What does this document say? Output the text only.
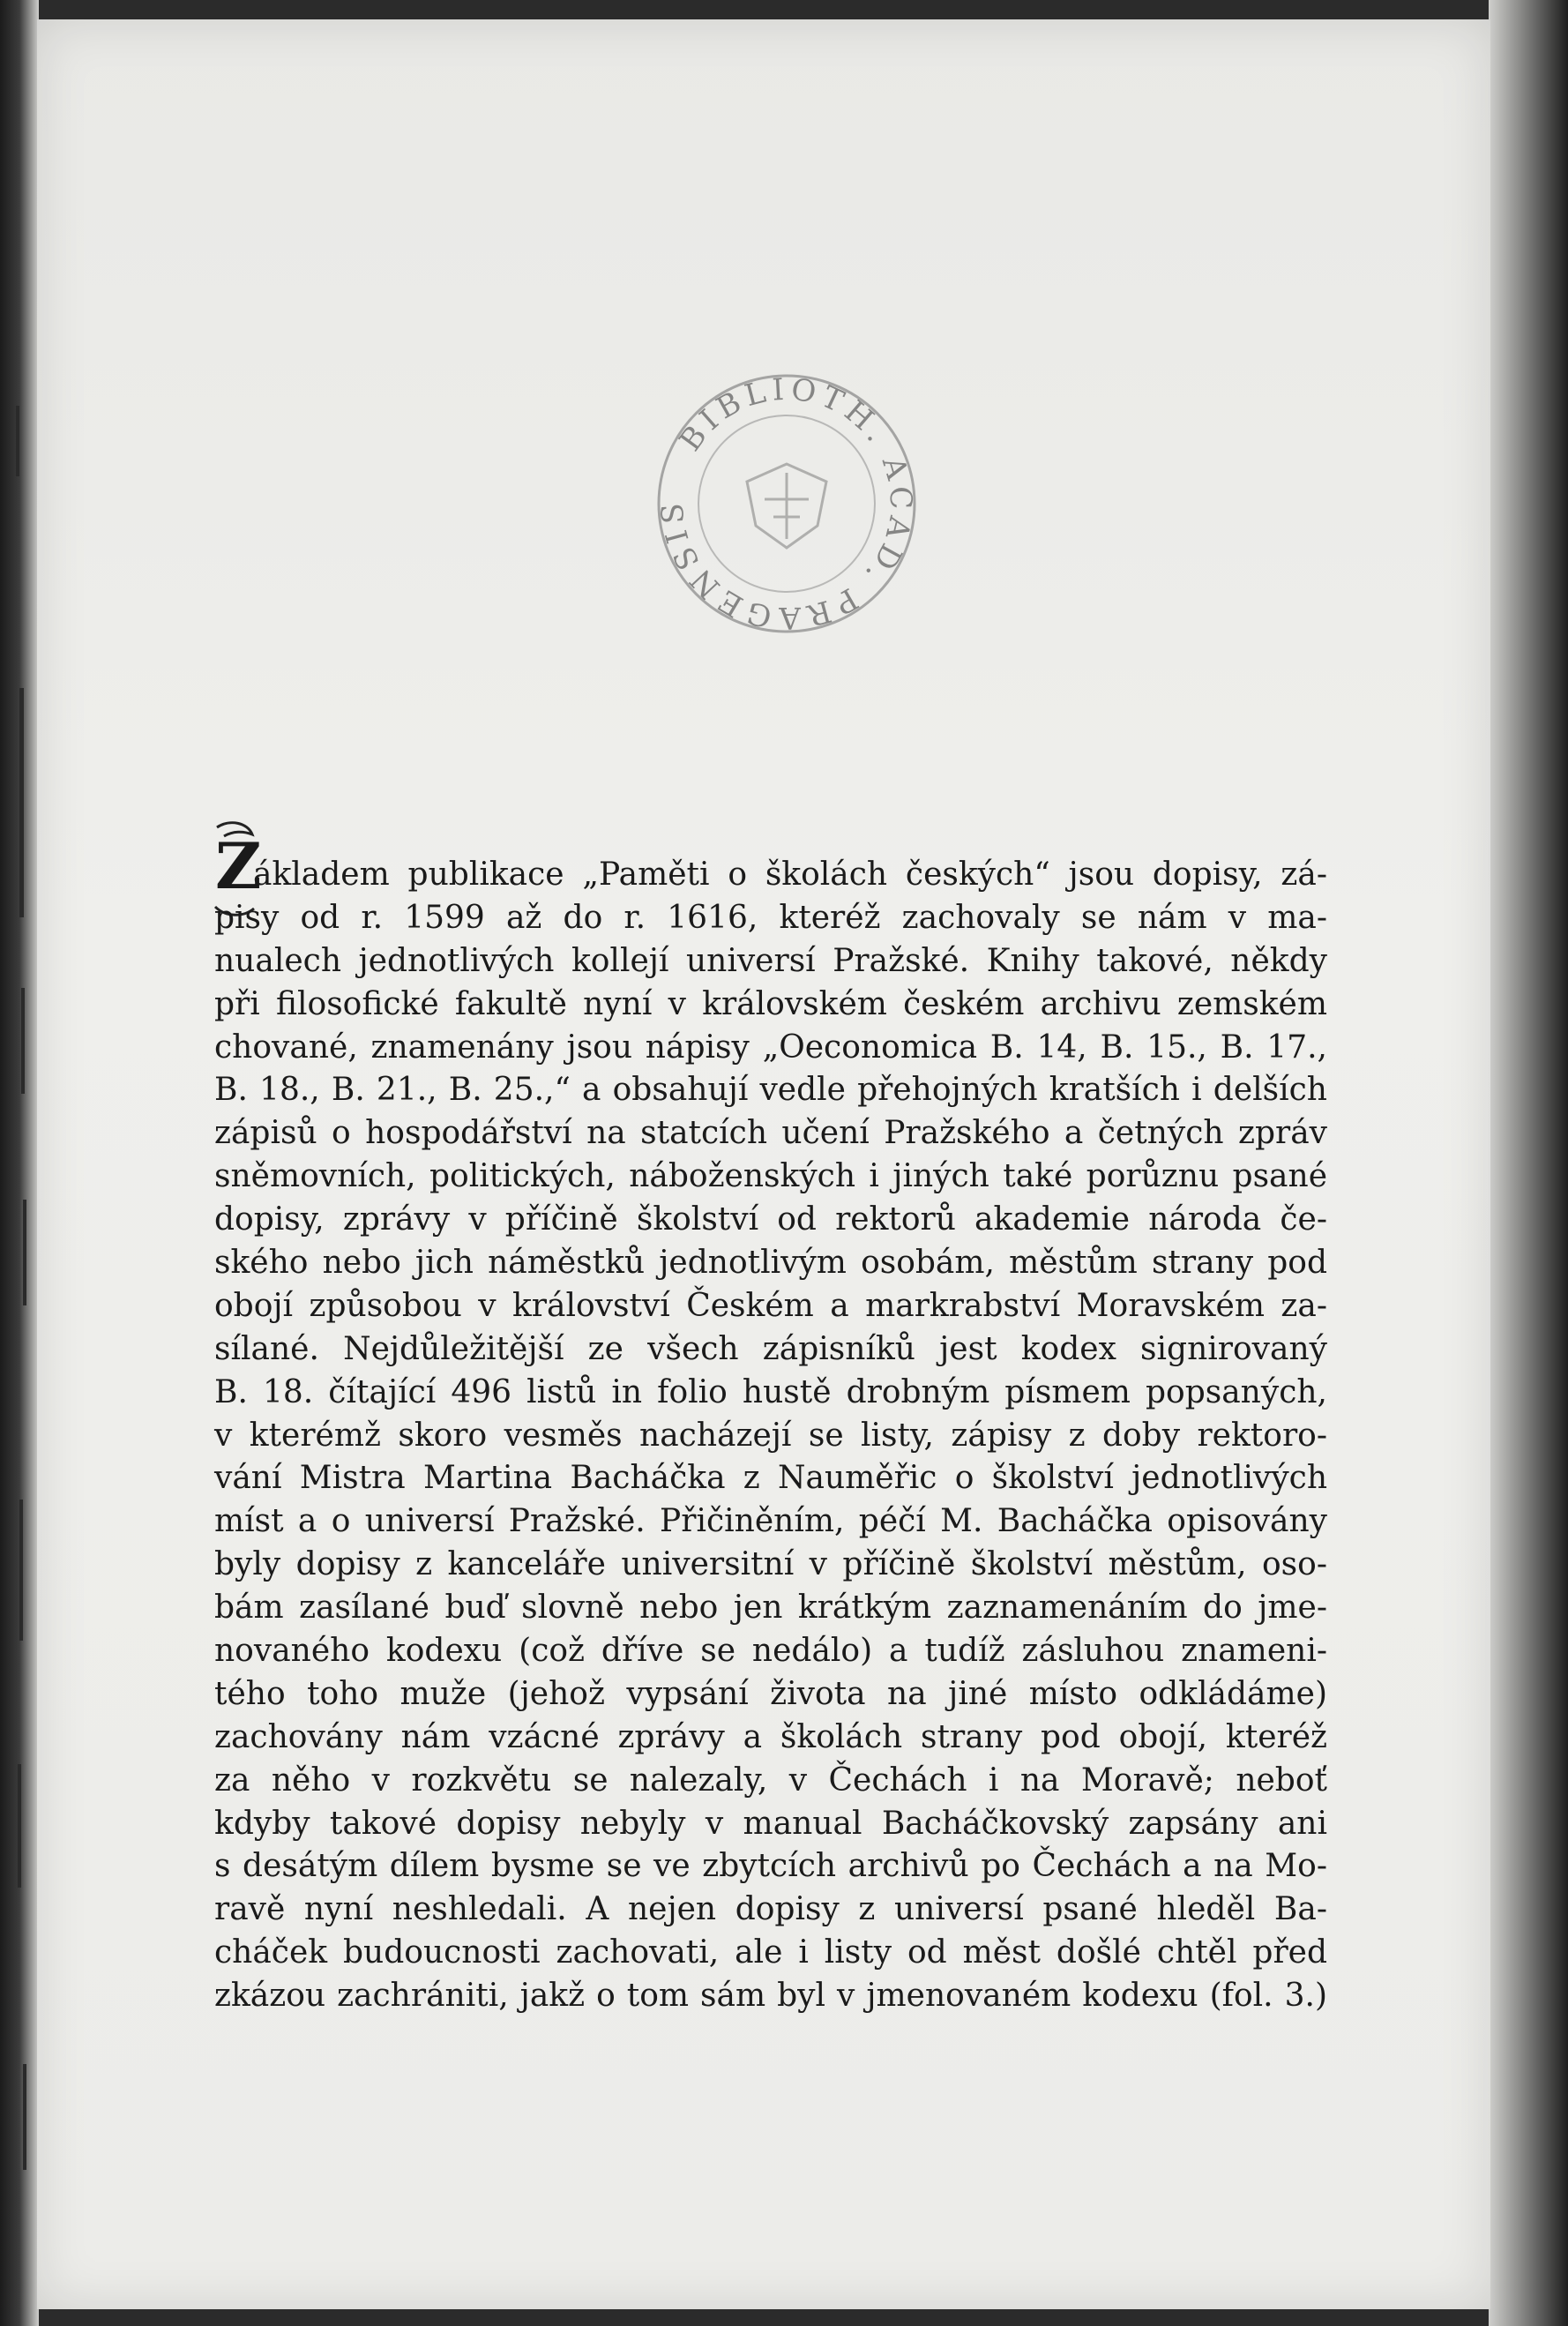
BIBLIOTH. ACAD. PRAGENSIS
Z
ákladem publikace „Paměti o školách českých“ jsou dopisy, zá-
pisy od r. 1599 až do r. 1616, kteréž zachovaly se nám v ma-
nualech jednotlivých kollejí universí Pražské. Knihy takové, někdy
při filosofické fakultě nyní v královském českém archivu zemském
chované, znamenány jsou nápisy „Oeconomica B. 14, B. 15., B. 17.,
B. 18., B. 21., B. 25.,“ a obsahují vedle přehojných kratších i delších
zápisů o hospodářství na statcích učení Pražského a četných zpráv
sněmovních, politických, náboženských i jiných také porůznu psané
dopisy, zprávy v příčině školství od rektorů akademie národa če-
ského nebo jich náměstků jednotlivým osobám, městům strany pod
obojí způsobou v království Českém a markrabství Moravském za-
sílané. Nejdůležitější ze všech zápisníků jest kodex signirovaný
B. 18. čítající 496 listů in folio hustě drobným písmem popsaných,
v kterémž skoro vesměs nacházejí se listy, zápisy z doby rektoro-
vání Mistra Martina Bacháčka z Nauměřic o školství jednotlivých
míst a o universí Pražské. Přičiněním, péčí M. Bacháčka opisovány
byly dopisy z kanceláře universitní v příčině školství městům, oso-
bám zasílané buď slovně nebo jen krátkým zaznamenáním do jme-
novaného kodexu (což dříve se nedálo) a tudíž zásluhou znameni-
tého toho muže (jehož vypsání života na jiné místo odkládáme)
zachovány nám vzácné zprávy a školách strany pod obojí, kteréž
za něho v rozkvětu se nalezaly, v Čechách i na Moravě; neboť
kdyby takové dopisy nebyly v manual Bacháčkovský zapsány ani
s desátým dílem bysme se ve zbytcích archivů po Čechách a na Mo-
ravě nyní neshledali. A nejen dopisy z universí psané hleděl Ba-
cháček budoucnosti zachovati, ale i listy od měst došlé chtěl před
zkázou zachrániti, jakž o tom sám byl v jmenovaném kodexu (fol. 3.)
